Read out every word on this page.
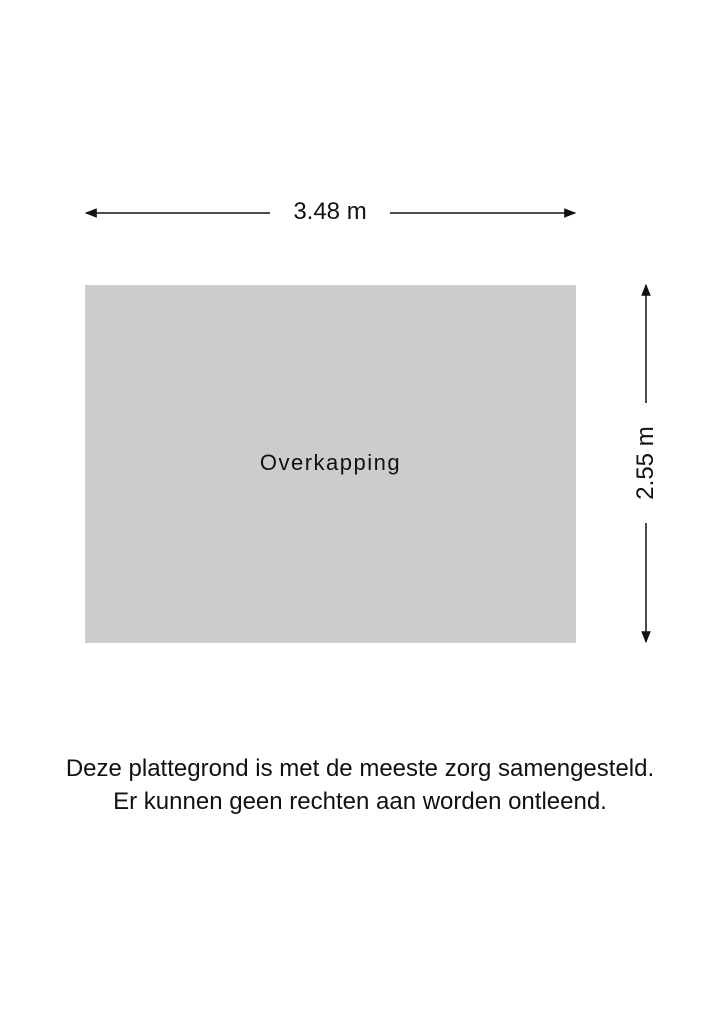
3.48 m
2.55 m
Overkapping
Deze plattegrond is met de meeste zorg samengesteld.
Er kunnen geen rechten aan worden ontleend.
